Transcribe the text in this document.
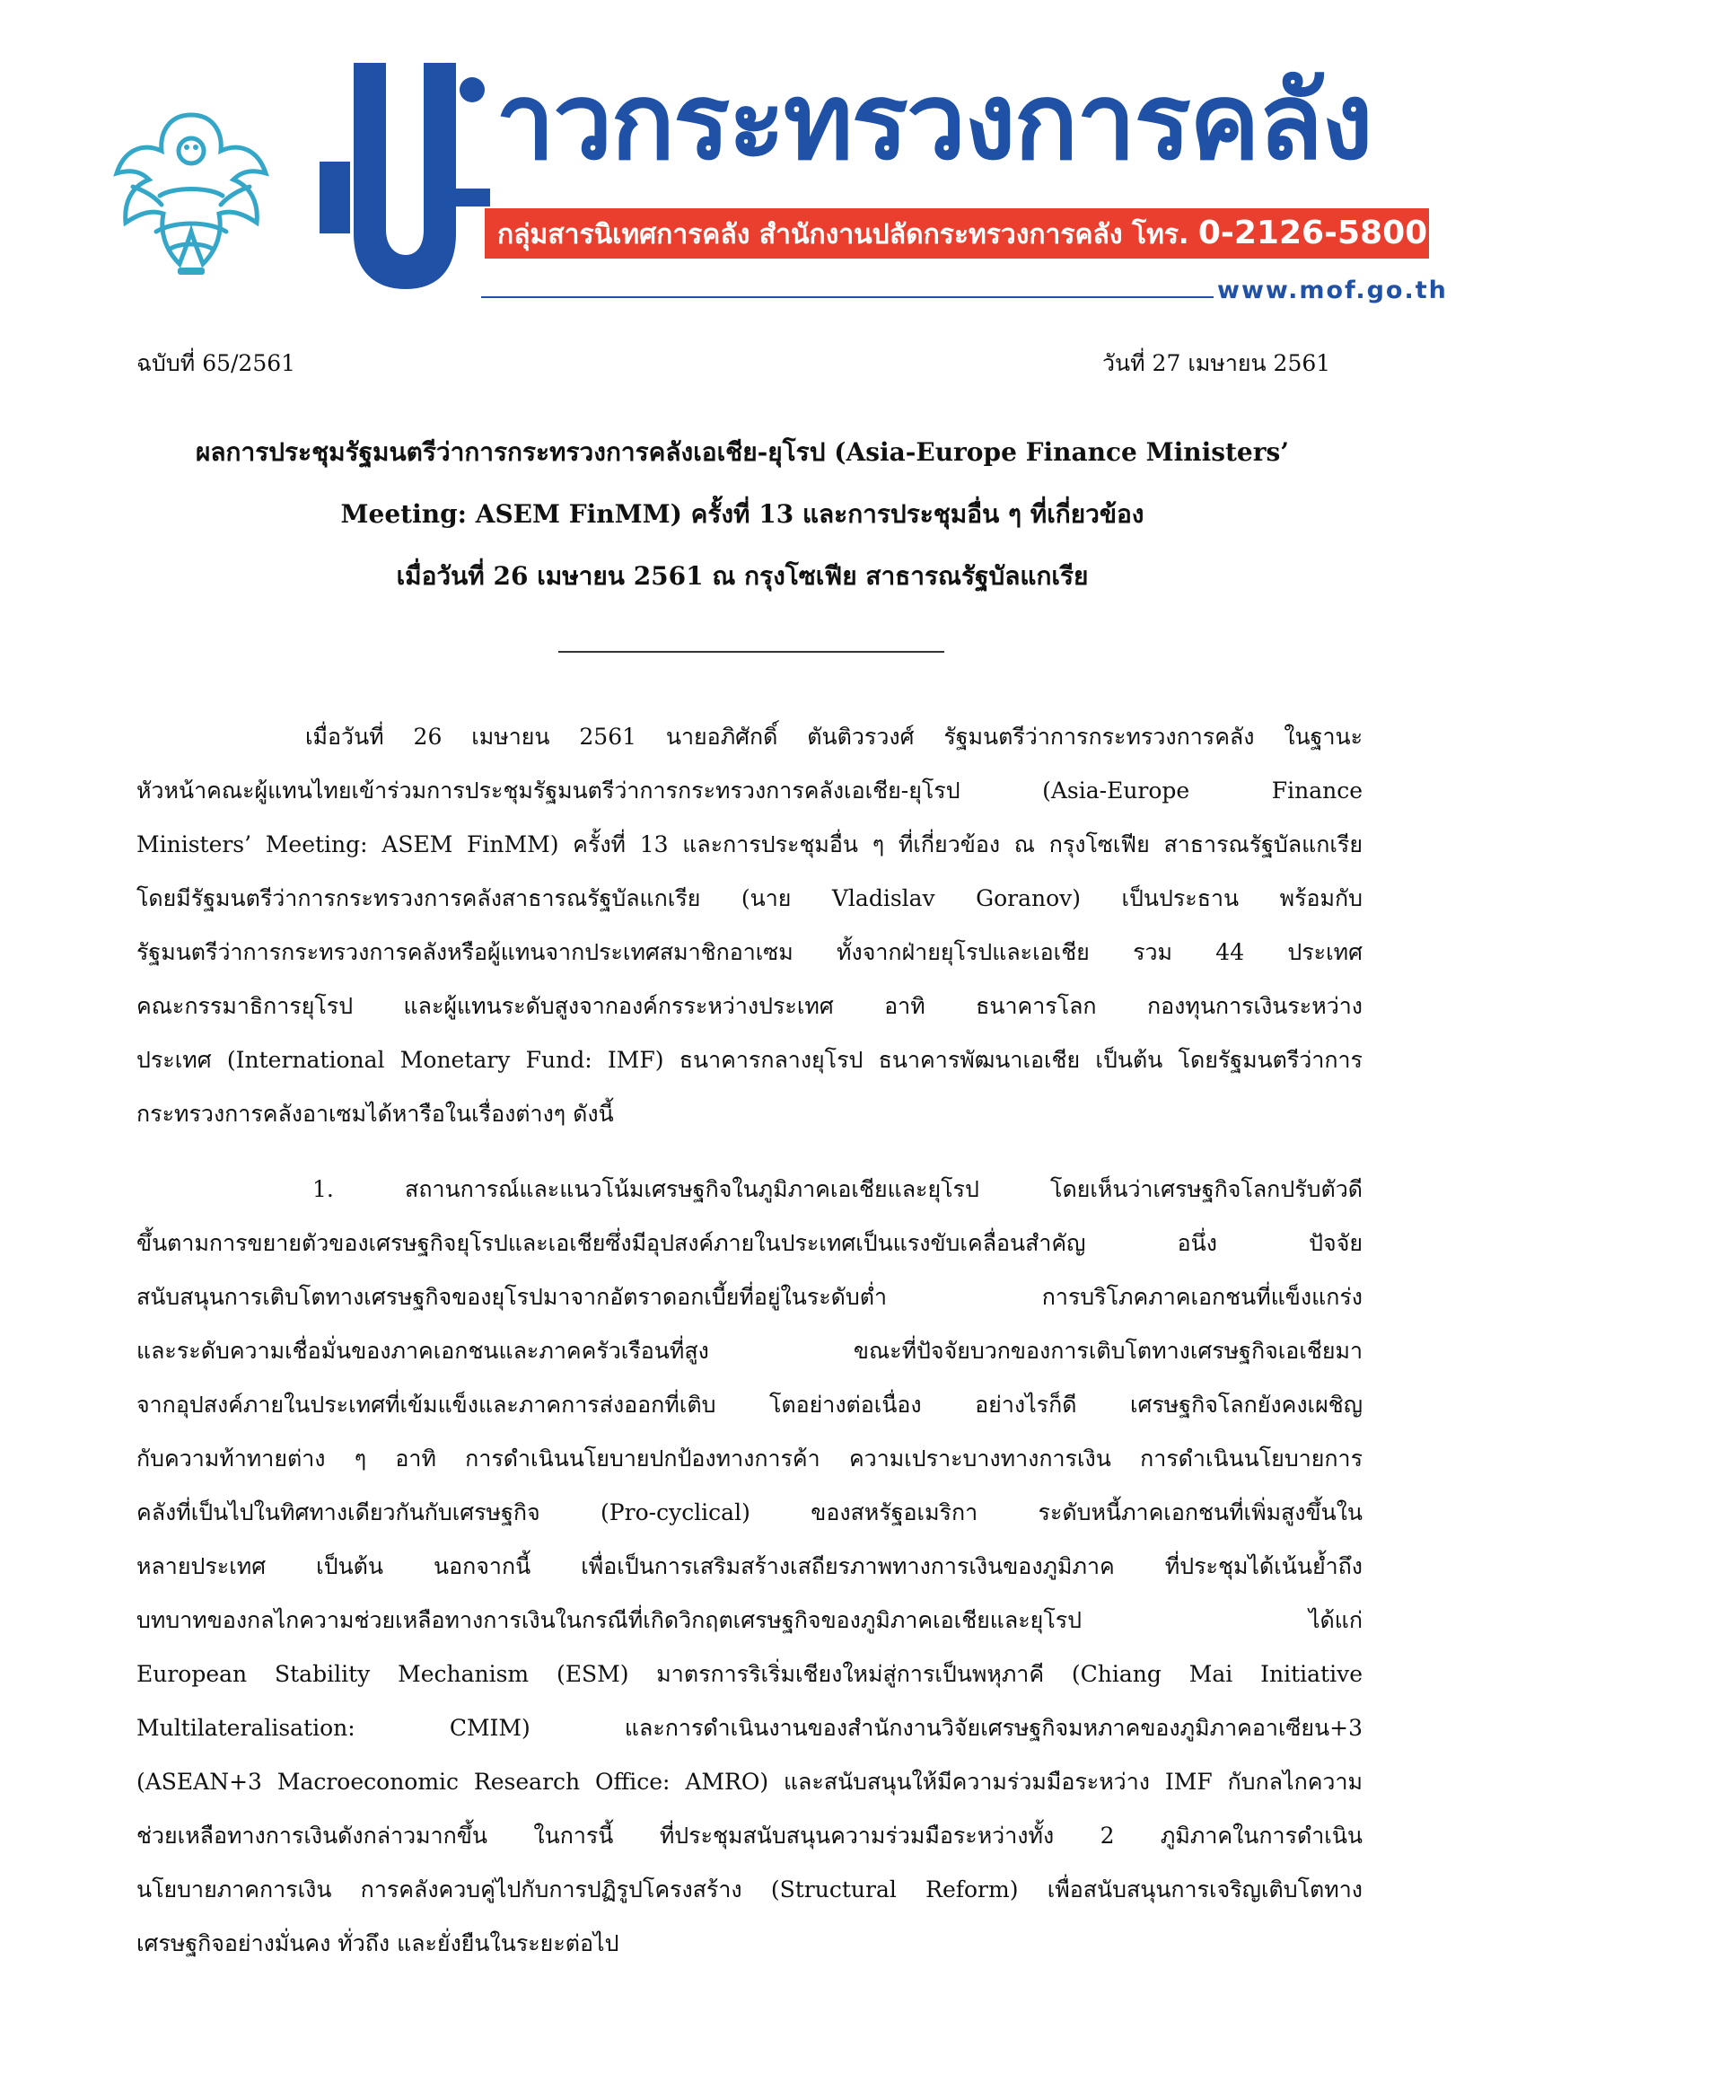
าวกระทรวงการคลัง
กลุ่มสารนิเทศการคลัง สำนักงานปลัดกระทรวงการคลัง โทร. 0-2126-5800 โทรสาร 0-2273-9763
www.mof.go.th
ฉบับที่ 65/2561	วันที่ 27 เมษายน 2561
ผลการประชุมรัฐมนตรีว่าการกระทรวงการคลังเอเชีย-ยุโรป (Asia-Europe Finance Ministers’
Meeting: ASEM FinMM) ครั้งที่ 13 และการประชุมอื่น ๆ ที่เกี่ยวข้อง
เมื่อวันที่ 26 เมษายน 2561 ณ กรุงโซเฟีย สาธารณรัฐบัลแกเรีย
เมื่อวันที่ 26 เมษายน 2561 นายอภิศักดิ์ ตันติวรวงศ์ รัฐมนตรีว่าการกระทรวงการคลัง ในฐานะ
หัวหน้าคณะผู้แทนไทยเข้าร่วมการประชุมรัฐมนตรีว่าการกระทรวงการคลังเอเชีย-ยุโรป (Asia-Europe Finance
Ministers’ Meeting: ASEM FinMM) ครั้งที่ 13 และการประชุมอื่น ๆ ที่เกี่ยวข้อง ณ กรุงโซเฟีย สาธารณรัฐบัลแกเรีย
โดยมีรัฐมนตรีว่าการกระทรวงการคลังสาธารณรัฐบัลแกเรีย (นาย Vladislav Goranov) เป็นประธาน พร้อมกับ
รัฐมนตรีว่าการกระทรวงการคลังหรือผู้แทนจากประเทศสมาชิกอาเซม ทั้งจากฝ่ายยุโรปและเอเชีย รวม 44 ประเทศ
คณะกรรมาธิการยุโรป และผู้แทนระดับสูงจากองค์กรระหว่างประเทศ อาทิ ธนาคารโลก กองทุนการเงินระหว่าง
ประเทศ (International Monetary Fund: IMF) ธนาคารกลางยุโรป ธนาคารพัฒนาเอเชีย เป็นต้น โดยรัฐมนตรีว่าการ
กระทรวงการคลังอาเซมได้หารือในเรื่องต่างๆ ดังนี้
1. สถานการณ์และแนวโน้มเศรษฐกิจในภูมิภาคเอเชียและยุโรป โดยเห็นว่าเศรษฐกิจโลกปรับตัวดี
ขึ้นตามการขยายตัวของเศรษฐกิจยุโรปและเอเชียซึ่งมีอุปสงค์ภายในประเทศเป็นแรงขับเคลื่อนสำคัญ อนึ่ง ปัจจัย
สนับสนุนการเติบโตทางเศรษฐกิจของยุโรปมาจากอัตราดอกเบี้ยที่อยู่ในระดับต่ำ การบริโภคภาคเอกชนที่แข็งแกร่ง
และระดับความเชื่อมั่นของภาคเอกชนและภาคครัวเรือนที่สูง ขณะที่ปัจจัยบวกของการเติบโตทางเศรษฐกิจเอเชียมา
จากอุปสงค์ภายในประเทศที่เข้มแข็งและภาคการส่งออกที่เติบ โตอย่างต่อเนื่อง อย่างไรก็ดี เศรษฐกิจโลกยังคงเผชิญ
กับความท้าทายต่าง ๆ อาทิ การดำเนินนโยบายปกป้องทางการค้า ความเปราะบางทางการเงิน การดำเนินนโยบายการ
คลังที่เป็นไปในทิศทางเดียวกันกับเศรษฐกิจ (Pro-cyclical) ของสหรัฐอเมริกา ระดับหนี้ภาคเอกชนที่เพิ่มสูงขึ้นใน
หลายประเทศ เป็นต้น นอกจากนี้ เพื่อเป็นการเสริมสร้างเสถียรภาพทางการเงินของภูมิภาค ที่ประชุมได้เน้นย้ำถึง
บทบาทของกลไกความช่วยเหลือทางการเงินในกรณีที่เกิดวิกฤตเศรษฐกิจของภูมิภาคเอเชียและยุโรป ได้แก่
European Stability Mechanism (ESM) มาตรการริเริ่มเชียงใหม่สู่การเป็นพหุภาคี (Chiang Mai Initiative
Multilateralisation: CMIM) และการดำเนินงานของสำนักงานวิจัยเศรษฐกิจมหภาคของภูมิภาคอาเซียน+3
(ASEAN+3 Macroeconomic Research Office: AMRO) และสนับสนุนให้มีความร่วมมือระหว่าง IMF กับกลไกความ
ช่วยเหลือทางการเงินดังกล่าวมากขึ้น ในการนี้ ที่ประชุมสนับสนุนความร่วมมือระหว่างทั้ง 2 ภูมิภาคในการดำเนิน
นโยบายภาคการเงิน การคลังควบคู่ไปกับการปฏิรูปโครงสร้าง (Structural Reform) เพื่อสนับสนุนการเจริญเติบโตทาง
เศรษฐกิจอย่างมั่นคง ทั่วถึง และยั่งยืนในระยะต่อไป
